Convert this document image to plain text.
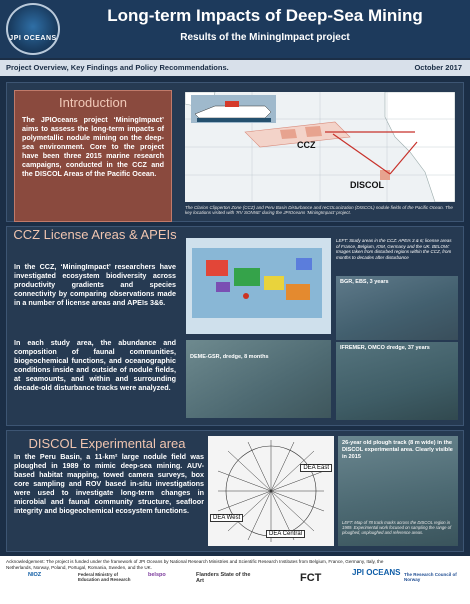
JPI OCEANS
Long-term Impacts of Deep-Sea Mining
Results of the MiningImpact project
Project Overview, Key Findings and Policy Recommendations.	October 2017
Introduction
The JPIOceans project ‘MiningImpact’ aims to assess the long-term impacts of polymetallic nodule mining on the deep-sea environment. Core to the project have been three 2015 marine research campaigns, conducted in the CCZ and the DISCOL Areas of the Pacific Ocean.
CCZ
DISCOL
The Clarion Clipperton Zone (CCZ) and Peru Basin Disturbance and reCOLonization (DISCOL) nodule fields of the Pacific Ocean. The key locations visited with ‘RV SONNE’ during the JPIOceans ‘MiningImpact’ project.
CCZ License Areas & APEIs
In the CCZ, ‘MiningImpact’ researchers have investigated ecosystem biodiversity across productivity gradients and species connectivity by comparing observations made in a number of license areas and APEIs 3&6.
In each study area, the abundance and composition of faunal communities, biogeochemical functions, and oceanographic conditions inside and outside of nodule fields, at seamounts, and within and surrounding decade-old disturbance tracks were analyzed.
LEFT: Study areas in the CCZ: APEIs 3 & 6; license areas of France, Belgium, IOM, Germany and the UK. BELOW: Images taken from disturbed regions within the CCZ, from months to decades after disturbance
BGR, EBS, 3 years
DEME-GSR, dredge, 8 months
IFREMER, OMCO dredge, 37 years
DISCOL Experimental area
In the Peru Basin, a 11-km² large nodule field was ploughed in 1989 to mimic deep-sea mining. AUV-based habitat mapping, towed camera surveys, box core sampling and ROV based in-situ investigations were used to investigate long-term changes in microbial and faunal community structure, seafloor integrity and biogeochemical ecosystem functions.
DEA East
DEA West
DEA Central
26-year old plough track (8 m wide) in the DISCOL experimental area. Clearly visible in 2015
LEFT: Map of 78 track marks across the DISCOL region in 1989. Experimental work focused on sampling the range of ploughed, unploughed and reference areas.
Acknowledgement: The project is funded under the framework of JPI Oceans by National Research Ministries and Scientific Research Institutes from Belgium, France, Germany, Italy, the Netherlands, Norway, Poland, Portugal, Romania, Sweden, and the UK.
NIOZ	Federal Ministry of Education and Research
belspo	Flanders State of the Art	FCT	JPI OCEANS The Research Council of Norway
